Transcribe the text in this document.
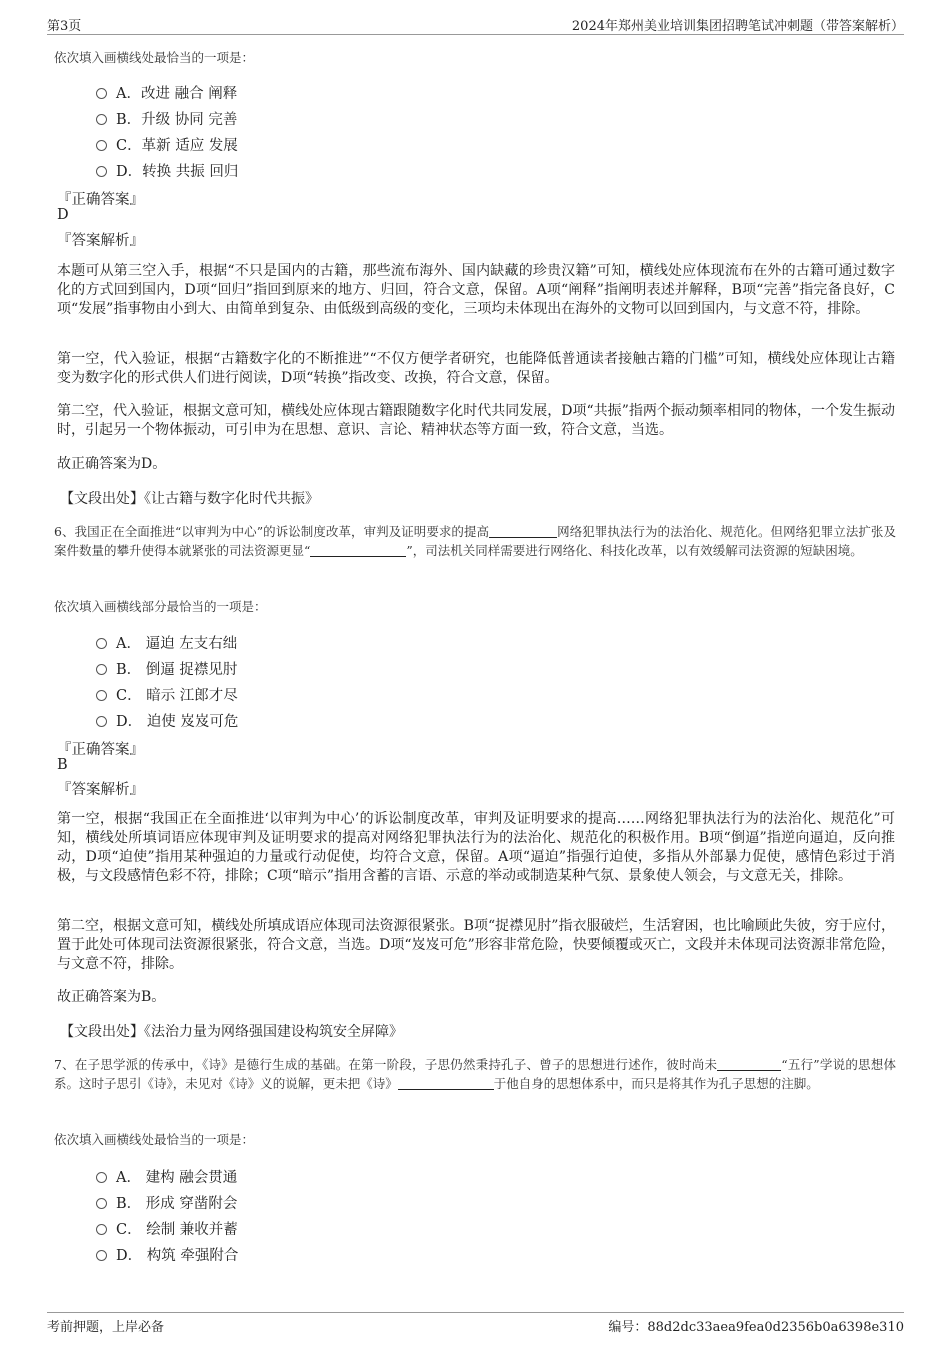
第3页	2024年郑州美业培训集团招聘笔试冲刺题（带答案解析）
依次填入画横线处最恰当的一项是：
A．改进 融合 阐释
B．升级 协同 完善
C．革新 适应 发展
D．转换 共振 回归
『正确答案』
D
『答案解析』
本题可从第三空入手，根据“不只是国内的古籍，那些流布海外、国内缺藏的珍贵汉籍”可知，横线处应体现流布在外的古籍可通过数字化的方式回到国内，D项“回归”指回到原来的地方、归回，符合文意，保留。A项“阐释”指阐明表述并解释，B项“完善”指完备良好，C项“发展”指事物由小到大、由简单到复杂、由低级到高级的变化，三项均未体现出在海外的文物可以回到国内，与文意不符，排除。
第一空，代入验证，根据“古籍数字化的不断推进”“不仅方便学者研究，也能降低普通读者接触古籍的门槛”可知，横线处应体现让古籍变为数字化的形式供人们进行阅读，D项“转换”指改变、改换，符合文意，保留。
第二空，代入验证，根据文意可知，横线处应体现古籍跟随数字化时代共同发展，D项“共振”指两个振动频率相同的物体，一个发生振动时，引起另一个物体振动，可引申为在思想、意识、言论、精神状态等方面一致，符合文意，当选。
故正确答案为D。
【文段出处】《让古籍与数字化时代共振》
6、我国正在全面推进“以审判为中心”的诉讼制度改革，审判及证明要求的提高	网络犯罪执法行为的法治化、规范化。但网络犯罪立法扩张及案件数量的攀升使得本就紧张的司法资源更显“	”，司法机关同样需要进行网络化、科技化改革，以有效缓解司法资源的短缺困境。
依次填入画横线部分最恰当的一项是：
A． 逼迫 左支右绌
B． 倒逼 捉襟见肘
C． 暗示 江郎才尽
D． 迫使 岌岌可危
『正确答案』
B
『答案解析』
第一空，根据“我国正在全面推进‘以审判为中心’的诉讼制度改革，审判及证明要求的提高……网络犯罪执法行为的法治化、规范化”可知，横线处所填词语应体现审判及证明要求的提高对网络犯罪执法行为的法治化、规范化的积极作用。B项“倒逼”指逆向逼迫，反向推动，D项“迫使”指用某种强迫的力量或行动促使，均符合文意，保留。A项“逼迫”指强行迫使，多指从外部暴力促使，感情色彩过于消极，与文段感情色彩不符，排除；C项“暗示”指用含蓄的言语、示意的举动或制造某种气氛、景象使人领会，与文意无关，排除。
第二空，根据文意可知，横线处所填成语应体现司法资源很紧张。B项“捉襟见肘”指衣服破烂，生活窘困，也比喻顾此失彼，穷于应付，置于此处可体现司法资源很紧张，符合文意，当选。D项“岌岌可危”形容非常危险，快要倾覆或灭亡，文段并未体现司法资源非常危险，与文意不符，排除。
故正确答案为B。
【文段出处】《法治力量为网络强国建设构筑安全屏障》
7、在子思学派的传承中，《诗》是德行生成的基础。在第一阶段，子思仍然秉持孔子、曾子的思想进行述作，彼时尚未	“五行”学说的思想体系。这时子思引《诗》，未见对《诗》义的说解，更未把《诗》	于他自身的思想体系中，而只是将其作为孔子思想的注脚。
依次填入画横线处最恰当的一项是：
A． 建构 融会贯通
B． 形成 穿凿附会
C． 绘制 兼收并蓄
D． 构筑 牵强附合
考前押题，上岸必备	编号：88d2dc33aea9fea0d2356b0a6398e310
